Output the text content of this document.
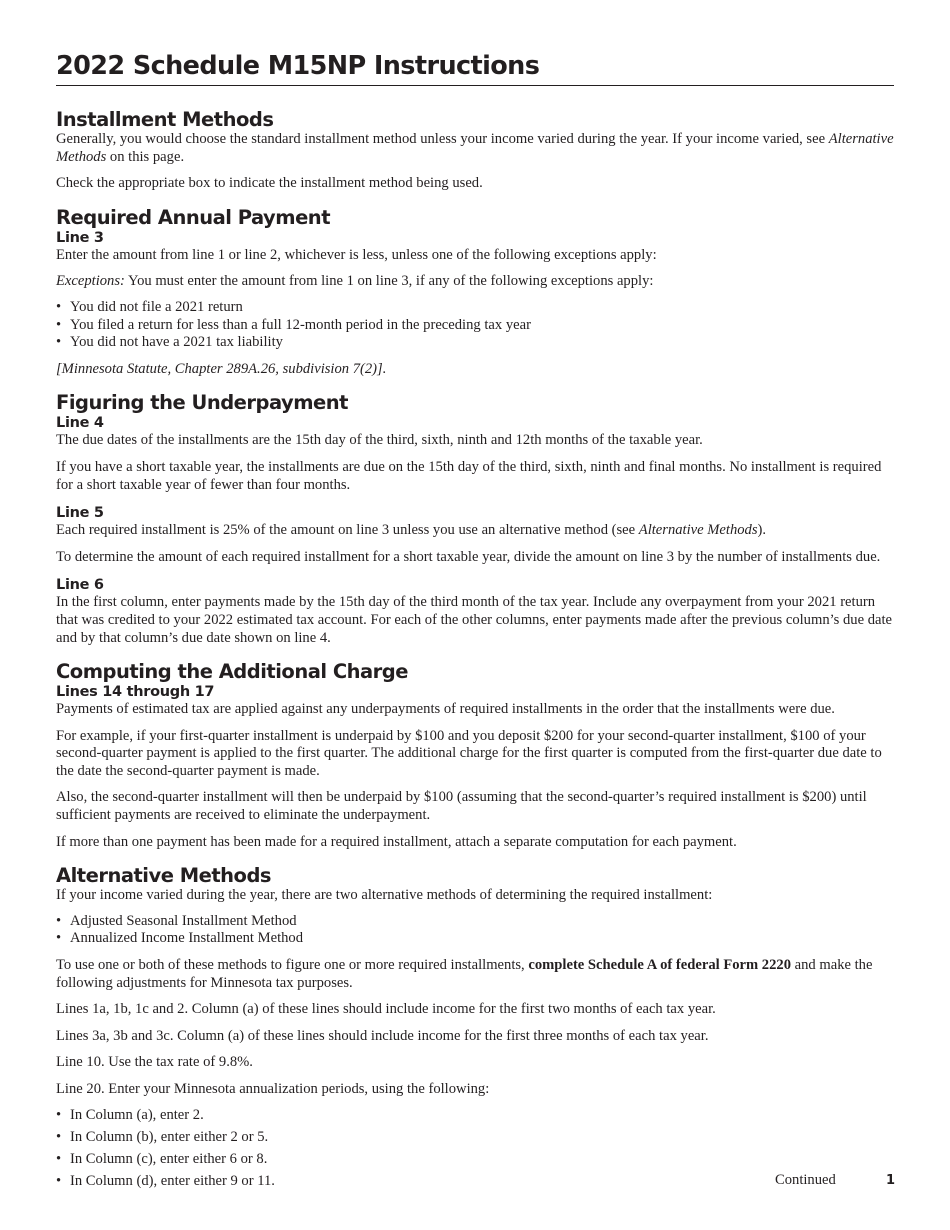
2022 Schedule M15NP Instructions
Installment Methods

Generally, you would choose the standard installment method unless your income varied during the year. If your income varied, see Alternative Methods on this page.

Check the appropriate box to indicate the installment method being used.

Required Annual Payment
Line 3

Enter the amount from line 1 or line 2, whichever is less, unless one of the following exceptions apply:

Exceptions: You must enter the amount from line 1 on line 3, if any of the following exceptions apply:

• You did not file a 2021 return
• You filed a return for less than a full 12-month period in the preceding tax year
• You did not have a 2021 tax liability

[Minnesota Statute, Chapter 289A.26, subdivision 7(2)].

Figuring the Underpayment
Line 4

The due dates of the installments are the 15th day of the third, sixth, ninth and 12th months of the taxable year.

If you have a short taxable year, the installments are due on the 15th day of the third, sixth, ninth and final months. No installment is required for a short taxable year of fewer than four months.

Line 5

Each required installment is 25% of the amount on line 3 unless you use an alternative method (see Alternative Methods).

To determine the amount of each required installment for a short taxable year, divide the amount on line 3 by the number of installments due.

Line 6

In the first column, enter payments made by the 15th day of the third month of the tax year. Include any overpayment from your 2021 return that was credited to your 2022 estimated tax account. For each of the other columns, enter payments made after the previous column’s due date and by that column’s due date shown on line 4.

Computing the Additional Charge
Lines 14 through 17

Payments of estimated tax are applied against any underpayments of required installments in the order that the installments were due.

For example, if your first-quarter installment is underpaid by $100 and you deposit $200 for your second-quarter installment, $100 of your second-quarter payment is applied to the first quarter. The additional charge for the first quarter is computed from the first-quarter due date to the date the second-quarter payment is made.

Also, the second-quarter installment will then be underpaid by $100 (assuming that the second-quarter’s required installment is $200) until sufficient payments are received to eliminate the underpayment.

If more than one payment has been made for a required installment, attach a separate computation for each payment.

Alternative Methods

If your income varied during the year, there are two alternative methods of determining the required installment:

• Adjusted Seasonal Installment Method
• Annualized Income Installment Method

To use one or both of these methods to figure one or more required installments, complete Schedule A of federal Form 2220 and make the following adjustments for Minnesota tax purposes.

Lines 1a, 1b, 1c and 2. Column (a) of these lines should include income for the first two months of each tax year.

Lines 3a, 3b and 3c. Column (a) of these lines should include income for the first three months of each tax year.

Line 10. Use the tax rate of 9.8%.

Line 20. Enter your Minnesota annualization periods, using the following:

• In Column (a), enter 2.
• In Column (b), enter either 2 or 5.
• In Column (c), enter either 6 or 8.
• In Column (d), enter either 9 or 11.	Continued	1
